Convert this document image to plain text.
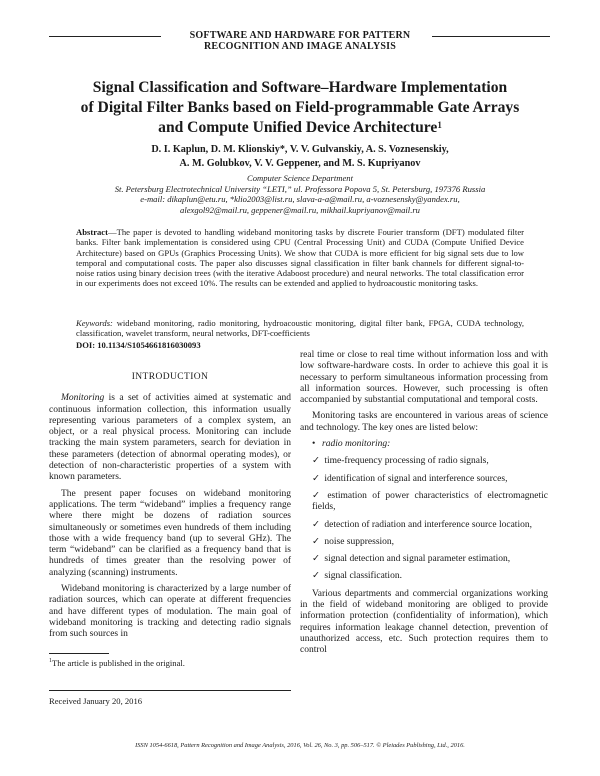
SOFTWARE AND HARDWARE FOR PATTERN
RECOGNITION AND IMAGE ANALYSIS
Signal Classification and Software–Hardware Implementation
of Digital Filter Banks based on Field-programmable Gate Arrays
and Compute Unified Device Architecture$^1$
D. I. Kaplun, D. M. Klionskiy*, V. V. Gulvanskiy, A. S. Voznesenskiy,
A. M. Golubkov, V. V. Geppener, and M. S. Kupriyanov
Computer Science Department
St. Petersburg Electrotechnical University “LETI,” ul. Professora Popova 5, St. Petersburg, 197376 Russia
e-mail: dikaplun@etu.ru, *klio2003@list.ru, slava-a-a@mail.ru, a-voznesensky@yandex.ru,
alexgol92@mail.ru, geppener@mail.ru, mikhail.kupriyanov@mail.ru
Abstract—The paper is devoted to handling wideband monitoring tasks by discrete Fourier transform (DFT) modulated filter banks. Filter bank implementation is considered using CPU (Central Processing Unit) and CUDA (Compute Unified Device Architecture) based on GPUs (Graphics Processing Units). We show that CUDA is more efficient for big signal sets due to low temporal and computational costs. The paper also discusses signal classification in filter bank channels for different signal-to-noise ratios using binary decision trees (with the iterative Adaboost procedure) and neural networks. The total classification error in our experiments does not exceed 10%. The results can be extended and applied to hydroacoustic monitoring tasks.
Keywords: wideband monitoring, radio monitoring, hydroacoustic monitoring, digital filter bank, FPGA, CUDA technology, classification, wavelet transform, neural networks, DFT-coefficients
DOI: 10.1134/S1054661816030093
INTRODUCTION

Monitoring is a set of activities aimed at systematic and continuous information collection, this information usually representing various parameters of a complex system, an object, or a real physical process. Monitoring can include tracking the main system parameters, search for deviation in these parameters (detection of abnormal operating modes), or detection of non-characteristic properties of a system with known parameters.

The present paper focuses on wideband monitoring applications. The term “wideband” implies a frequency range where there might be dozens of radiation sources simultaneously or sometimes even hundreds of them including those with a wide frequency band (up to several GHz). The term “wideband” can be clarified as a frequency band that is hundreds of times greater than the resolving power of analyzing (scanning) instruments.

Wideband monitoring is characterized by a large number of radiation sources, which can operate at different frequencies and have different types of modulation. The main goal of wideband monitoring is tracking and detecting radio signals from such sources in

real time or close to real time without information loss and with low software-hardware costs. In order to achieve this goal it is necessary to perform simultaneous information processing from all information sources. However, such processing is often accompanied by substantial computational and temporal costs.

Monitoring tasks are encountered in various areas of science and technology. The key ones are listed below:

• radio monitoring:
✓ time-frequency processing of radio signals,
✓ identification of signal and interference sources,
✓ estimation of power characteristics of electromagnetic fields,
✓ detection of radiation and interference source location,
✓ noise suppression,
✓ signal detection and signal parameter estimation,
✓ signal classification.

Various departments and commercial organizations working in the field of wideband monitoring are obliged to provide information protection (confidentiality of information), which requires information leakage channel detection, prevention of unauthorized access, etc. Such protection requires them to control

$^1$The article is published in the original.
Received January 20, 2016
ISSN 1054-6618, Pattern Recognition and Image Analysis, 2016, Vol. 26, No. 3, pp. 506–517. © Pleiades Publishing, Ltd., 2016.
